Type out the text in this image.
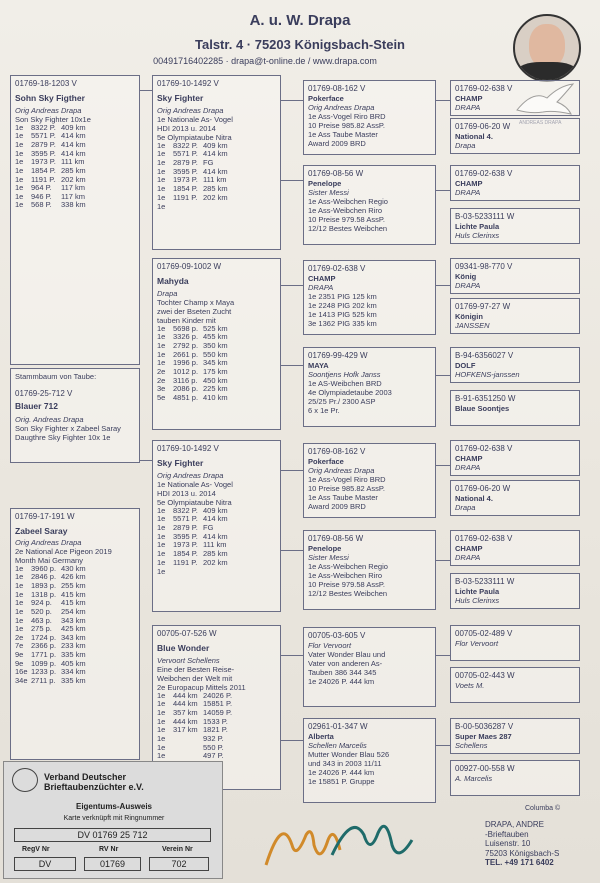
A. u. W. Drapa
Talstr. 4 · 75203 Königsbach-Stein
00491716402285 · drapa@t-online.de / www.drapa.com
01769-18-1203 V
Sohn Sky Figther
Orig Andreas Drapa
Son Sky Fighter 10x1e
1e	8322 P. 409 km
1e	5571 P. 414 km
1e	2879 P. 414 km
1e	3595 P. 414 km
1e	1973 P. 111 km
1e	1854 P. 285 km
1e	1191 P. 202 km
1e	964 P.	117 km
1e	946 P.	117 km
1e	568 P.	338 km
Stammbaum von Taube:
01769-25-712 V
Blauer 712
Orig. Andreas Drapa
Son Sky Fighter x Zabeel Saray
Daugthre Sky Fighter 10x 1e
01769-17-191 W
Zabeel Saray
Orig Andreas Drapa
2e National Ace Pigeon 2019
Month Mai Germany
1e	3960 p. 430 km
1e	2846 p. 426 km
1e	1893 p. 255 km
1e	1318 p. 415 km
1e	924 p.	415 km
1e	520 p.	254 km
1e	463 p.	343 km
1e	275 p.	425 km
2e	1724 p. 343 km
7e	2366 p. 233 km
9e	1771 p. 335 km
9e	1099 p. 405 km
16e 1233 p. 334 km
34e 2711 p. 335 km
01769-10-1492 V
Sky Fighter
Orig Andreas Drapa
1e Nationale As- Vogel
HDI 2013 u. 2014
5e Olympiataube Nitra
1e	8322 P. 409 km
1e	5571 P. 414 km
1e	2879 P. FG
1e	3595 P. 414 km
1e	1973 P. 111 km
1e	1854 P. 285 km
1e	1191 P. 202 km
1e
01769-09-1002 W
Mahyda
Drapa
Tochter Champ x Maya
zwei der Bseten Zucht
tauben Kinder mit
1e	5698 p. 525 km
1e	3326 p. 455 km
1e	2792 p. 350 km
1e	2661 p. 550 km
1e	1996 p. 345 km
2e	1012 p. 175 km
2e	3116 p. 450 km
3e	2086 p. 225 km
5e	4851 p. 410 km
01769-10-1492 V
Sky Fighter
Orig Andreas Drapa
1e Nationale As- Vogel
HDI 2013 u. 2014
5e Olympiataube Nitra
1e	8322 P. 409 km
1e	5571 P. 414 km
1e	2879 P. FG
1e	3595 P. 414 km
1e	1973 P. 111 km
1e	1854 P. 285 km
1e	1191 P. 202 km
1e
00705-07-526 W
Blue Wonder
Vervoort Schellens
Eine der Besten Reise-
Weibchen der Welt mit
2e Europacup Mittels 2011
1e	444 km 24026 P.
1e	444 km 15851 P.
1e	357 km 14059 P.
1e	444 km 1533 P.
1e	317 km 1821 P.
1e	932 P.
1e	550 P.
1e	497 P.
01769-08-162 V
Pokerface
Orig Andreas Drapa
1e Ass-Vogel Riro BRD
10 Preise 985.82 AssP.
1e Ass Taube Master
Award 2009 BRD
01769-08-56 W
Penelope
Sister Messi
1e Ass-Weibchen Regio
1e Ass-Weibchen Riro
10 Preise 979.58 AssP.
12/12 Bestes Weibchen
01769-02-638 V
CHAMP
DRAPA
1e 2351 PIG 125 km
1e 2248 PIG 202 km
1e 1413 PIG 525 km
3e 1362 PIG 335 km
01769-99-429 W
MAYA
Soontjens Hofk Janss
1e AS-Weibchen BRD
4e Olympiadetaube 2003
25/25 Pr./ 2300 ASP
6 x 1e Pr.
01769-08-162 V
Pokerface
Orig Andreas Drapa
1e Ass-Vogel Riro BRD
10 Preise 985.82 AssP.
1e Ass Taube Master
Award 2009 BRD
01769-08-56 W
Penelope
Sister Messi
1e Ass-Weibchen Regio
1e Ass-Weibchen Riro
10 Preise 979.58 AssP.
12/12 Bestes Weibchen
00705-03-605 V
Flor Vervoort
Vater Wonder Blau und
Vater von anderen As-
Tauben 386 344 345
1e 24026 P. 444 km
02961-01-347 W
Alberta
Schellen Marcelis
Mutter Wonder Blau 526
und 343 in 2003 11/11
1e 24026 P. 444 km
1e 15851 P. Gruppe
01769-02-638 V
CHAMP
DRAPA
01769-06-20 W
National 4.
Drapa
01769-02-638 V
CHAMP
DRAPA
B-03-5233111 W
Lichte Paula
Huls Clerinxs
09341-98-770 V
König
DRAPA
01769-97-27 W
Königin
JANSSEN
B-94-6356027 V
DOLF
HOFKENS-janssen
B-91-6351250 W
Blaue Soontjes
01769-02-638 V
CHAMP
DRAPA
01769-06-20 W
National 4.
Drapa
01769-02-638 V
CHAMP
DRAPA
B-03-5233111 W
Lichte Paula
Huls Clerinxs
00705-02-489 V
Flor Vervoort
00705-02-443 W
Voets M.
B-00-5036287 V
Super Maes 287
Schellens
00927-00-558 W
A. Marcelis
Verband Deutscher
Brieftaubenzüchter e.V.
Eigentums-Ausweis
Karte verknüpft mit Ringnummer
DV 01769 25 712
RegV Nr	RV Nr	Verein Nr
DV	01769	702
Columba ©
DRAPA, ANDRE
-Brieftauben
Luisenstr. 10
75203 Königsbach-S
TEL. +49 171 6402
